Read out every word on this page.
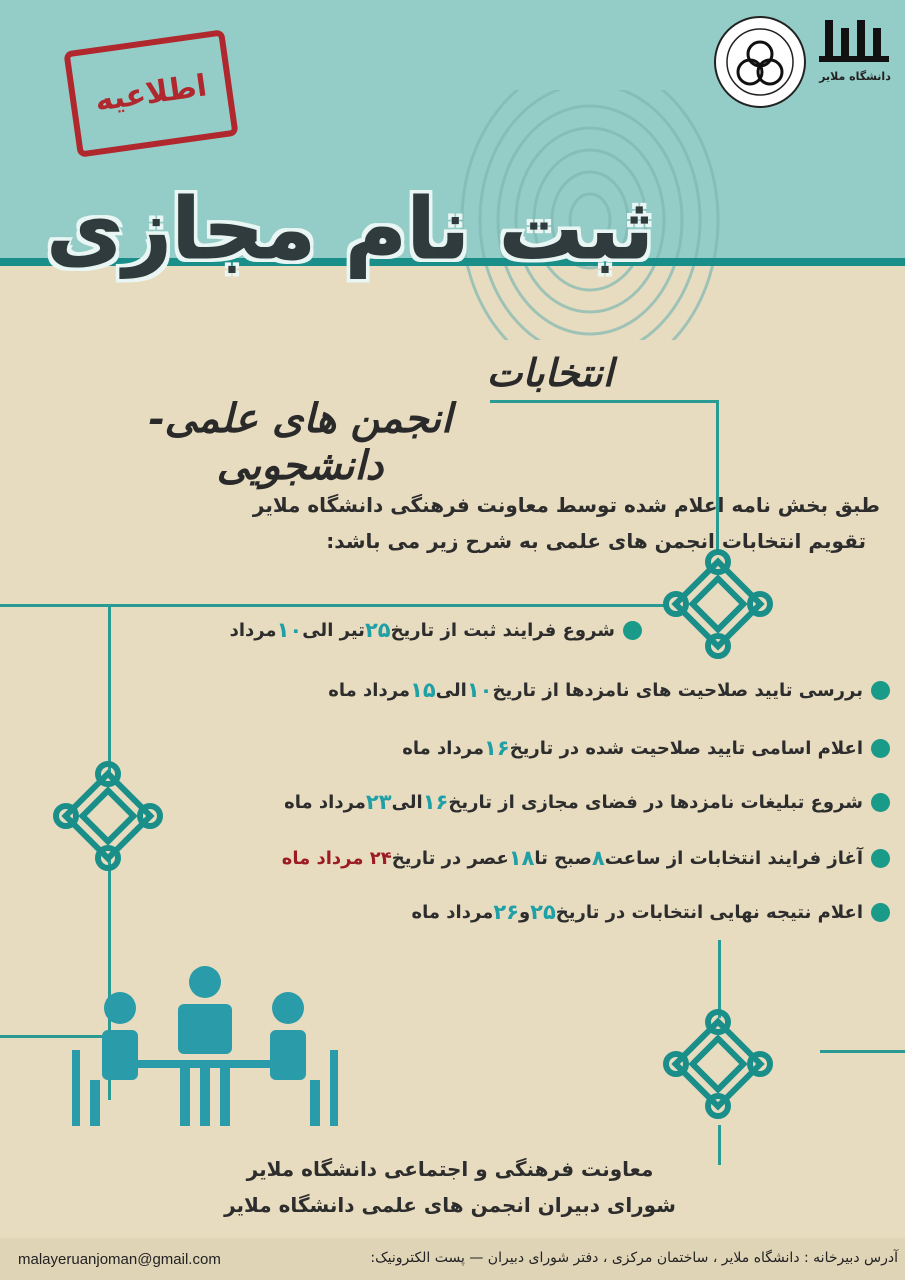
اطلاعیه	دانشگاه ملایر
ثبت نام مجازی
انتخابات
انجمن های علمی- دانشجویی
طبق بخش نامه اعلام شده توسط معاونت فرهنگی دانشگاه ملایر
تقویم انتخابات انجمن های علمی به شرح زیر می باشد:
شروع فرایند ثبت از تاریخ
۲۵
تیر الی
۱۰
مرداد
بررسی تایید صلاحیت های نامزدها از تاریخ
۱۰
الی
۱۵
مرداد ماه
اعلام اسامی تایید صلاحیت شده در تاریخ
۱۶
مرداد ماه
شروع تبلیغات نامزدها در فضای مجازی از تاریخ
۱۶
الی
۲۳
مرداد ماه
آغاز فرایند انتخابات از ساعت
۸
صبح تا
۱۸
عصر در تاریخ
۲۴ مرداد ماه
اعلام نتیجه نهایی انتخابات در تاریخ
۲۵
و
۲۶
مرداد ماه
معاونت فرهنگی و اجتماعی دانشگاه ملایر
شورای دبیران انجمن های علمی دانشگاه ملایر
آدرس دبیرخانه : دانشگاه ملایر ، ساختمان مرکزی ، دفتر شورای دبیران — پست الکترونیک:
malayeruanjoman@gmail.com
